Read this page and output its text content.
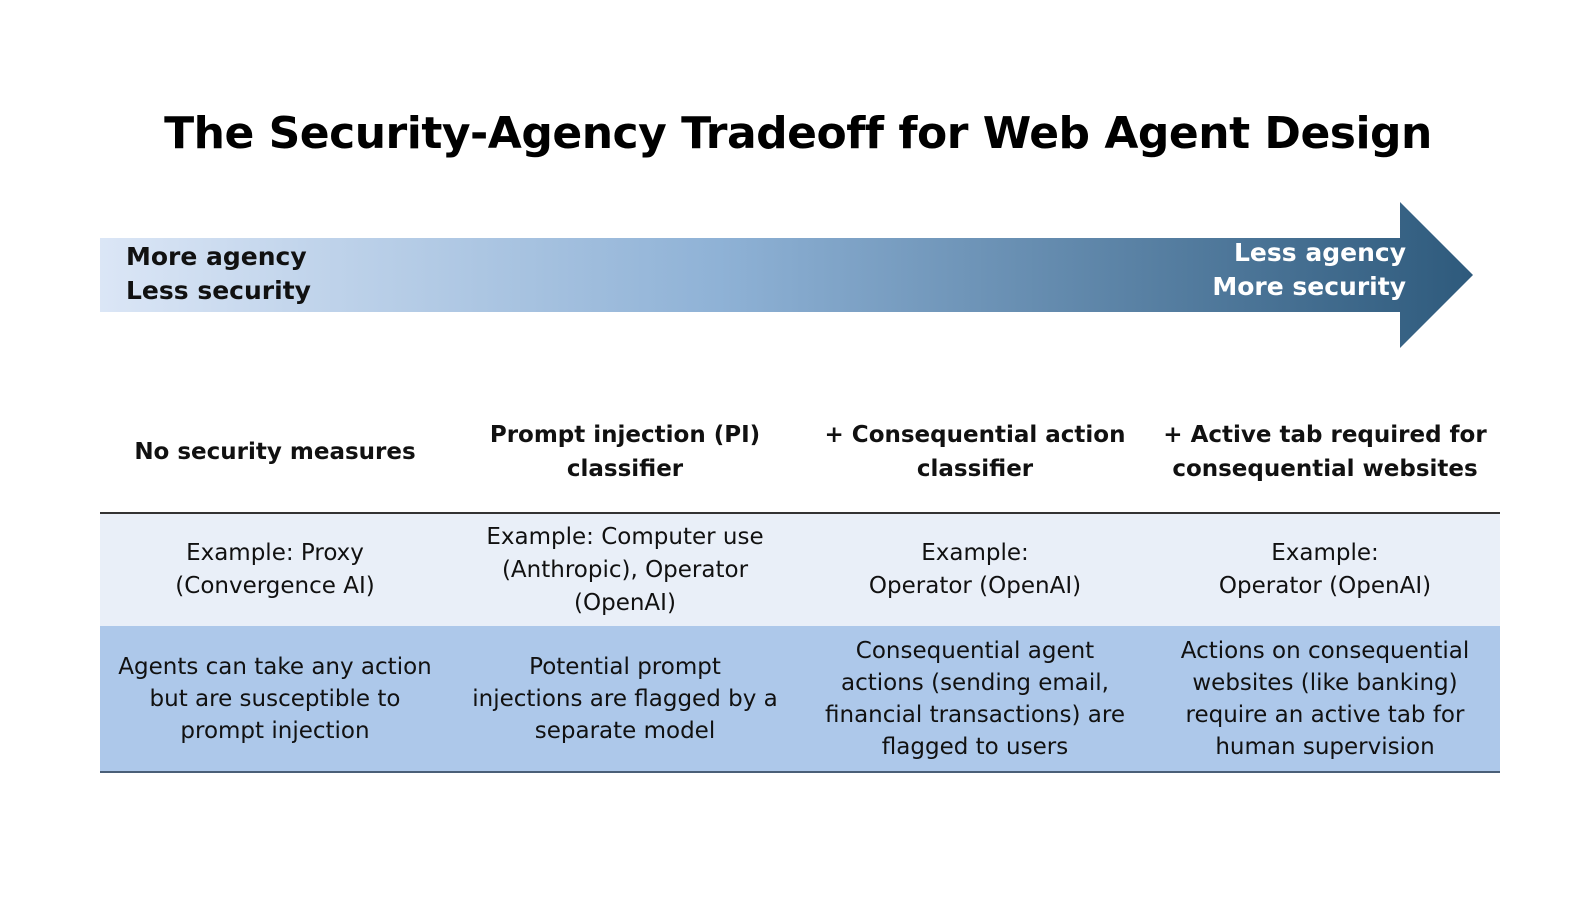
The Security-Agency Tradeoff for Web Agent Design
More agency
Less security
Less agency
More security
No security measures
Prompt injection (PI)
classifier
+ Consequential action
classifier
+ Active tab required for
consequential websites
Example: Proxy
(Convergence AI)
Example: Computer use
(Anthropic), Operator
(OpenAI)
Example:
Operator (OpenAI)
Example:
Operator (OpenAI)
Agents can take any action
but are susceptible to
prompt injection
Potential prompt
injections are flagged by a
separate model
Consequential agent
actions (sending email,
financial transactions) are
flagged to users
Actions on consequential
websites (like banking)
require an active tab for
human supervision
